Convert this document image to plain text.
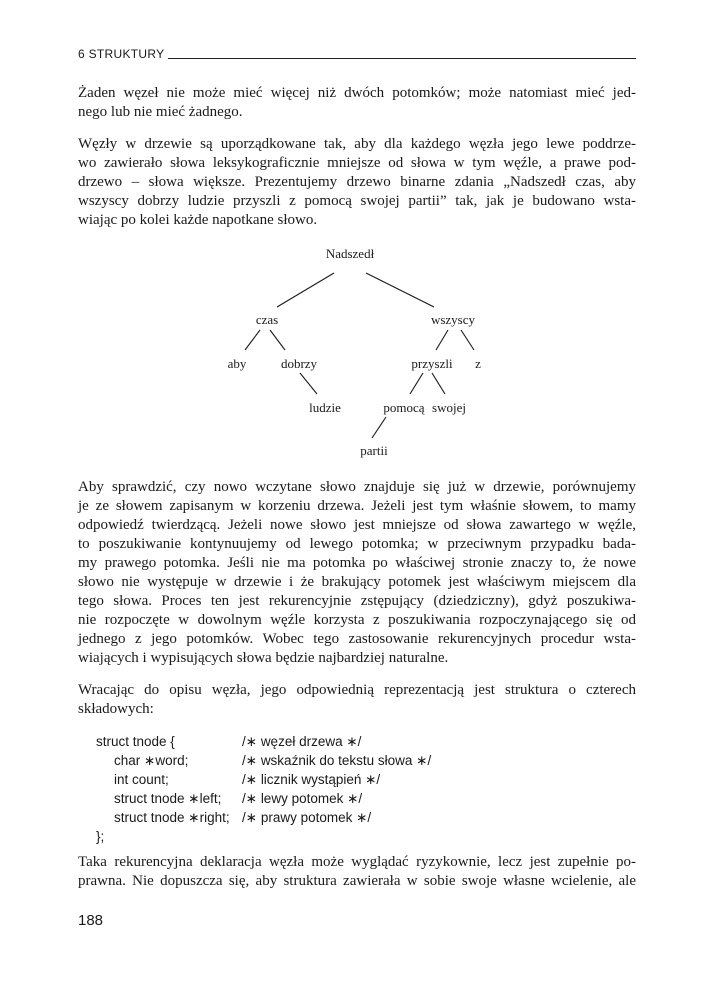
6 STRUKTURY
Żaden węzeł nie może mieć więcej niż dwóch potomków; może natomiast mieć jed-
nego lub nie mieć żadnego.
Węzły w drzewie są uporządkowane tak, aby dla każdego węzła jego lewe poddrze-
wo zawierało słowa leksykograficznie mniejsze od słowa w tym węźle, a prawe pod-
drzewo – słowa większe. Prezentujemy drzewo binarne zdania „Nadszedł czas, aby
wszyscy dobrzy ludzie przyszli z pomocą swojej partii” tak, jak je budowano wsta-
wiając po kolei każde napotkane słowo.
Nadszedł
czas	wszyscy
aby	dobrzy	przyszli z
ludzie	pomocą swojej
partii
Aby sprawdzić, czy nowo wczytane słowo znajduje się już w drzewie, porównujemy
je ze słowem zapisanym w korzeniu drzewa. Jeżeli jest tym właśnie słowem, to mamy
odpowiedź twierdzącą. Jeżeli nowe słowo jest mniejsze od słowa zawartego w węźle,
to poszukiwanie kontynuujemy od lewego potomka; w przeciwnym przypadku bada-
my prawego potomka. Jeśli nie ma potomka po właściwej stronie znaczy to, że nowe
słowo nie występuje w drzewie i że brakujący potomek jest właściwym miejscem dla
tego słowa. Proces ten jest rekurencyjnie zstępujący (dziedziczny), gdyż poszukiwa-
nie rozpoczęte w dowolnym węźle korzysta z poszukiwania rozpoczynającego się od
jednego z jego potomków. Wobec tego zastosowanie rekurencyjnych procedur wsta-
wiających i wypisujących słowa będzie najbardziej naturalne.
Wracając do opisu węzła, jego odpowiednią reprezentacją jest struktura o czterech
składowych:
struct tnode {	/∗ węzeł drzewa ∗/
char ∗word;	/∗ wskaźnik do tekstu słowa ∗/
int count;	/∗ licznik wystąpień ∗/
struct tnode ∗left; /∗ lewy potomek ∗/
struct tnode ∗right; /∗ prawy potomek ∗/
};
Taka rekurencyjna deklaracja węzła może wyglądać ryzykownie, lecz jest zupełnie po-
prawna. Nie dopuszcza się, aby struktura zawierała w sobie swoje własne wcielenie, ale
188
